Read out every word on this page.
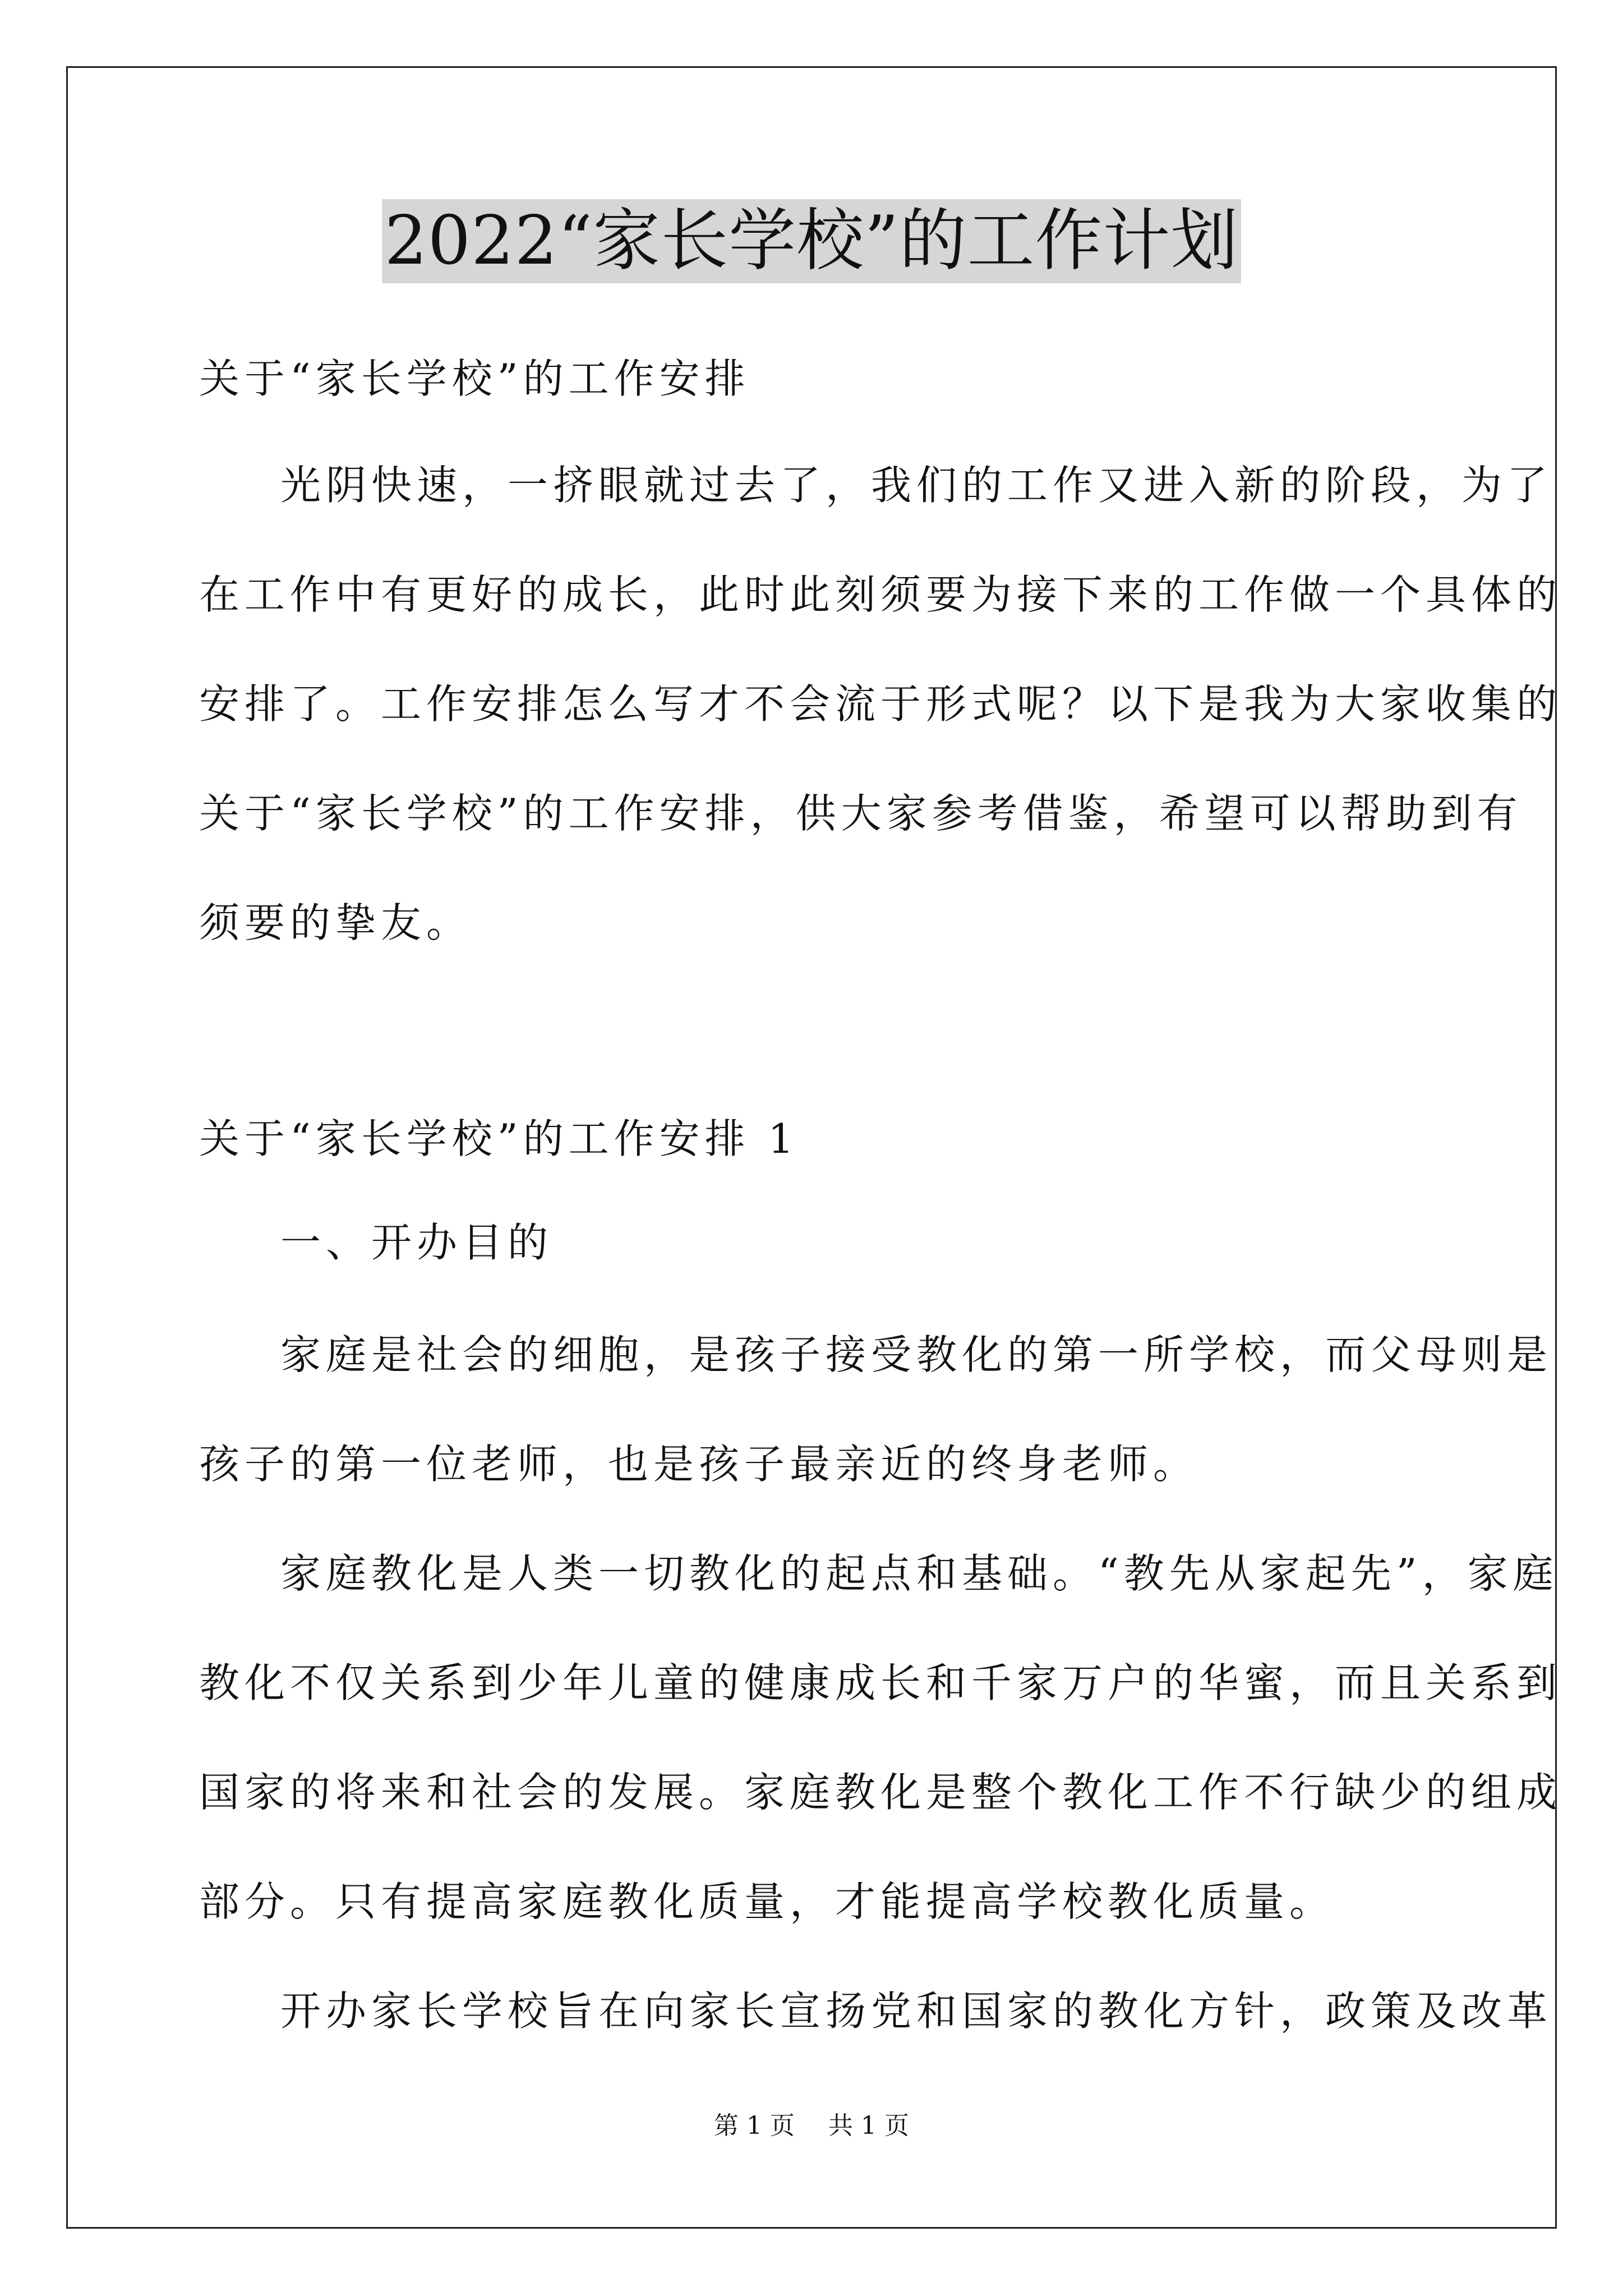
2022“家长学校”的工作计划
关于“家长学校”的工作安排
光阴快速，一挤眼就过去了，我们的工作又进入新的阶段，为了
在工作中有更好的成长，此时此刻须要为接下来的工作做一个具体的
安排了。工作安排怎么写才不会流于形式呢？以下是我为大家收集的
关于“家长学校”的工作安排，供大家参考借鉴，希望可以帮助到有
须要的挚友。
关于“家长学校”的工作安排 1
一、开办目的
家庭是社会的细胞，是孩子接受教化的第一所学校，而父母则是
孩子的第一位老师，也是孩子最亲近的终身老师。
家庭教化是人类一切教化的起点和基础。“教先从家起先”，家庭
教化不仅关系到少年儿童的健康成长和千家万户的华蜜，而且关系到
国家的将来和社会的发展。家庭教化是整个教化工作不行缺少的组成
部分。只有提高家庭教化质量，才能提高学校教化质量。
开办家长学校旨在向家长宣扬党和国家的教化方针，政策及改革
第 1 页 共 1 页
